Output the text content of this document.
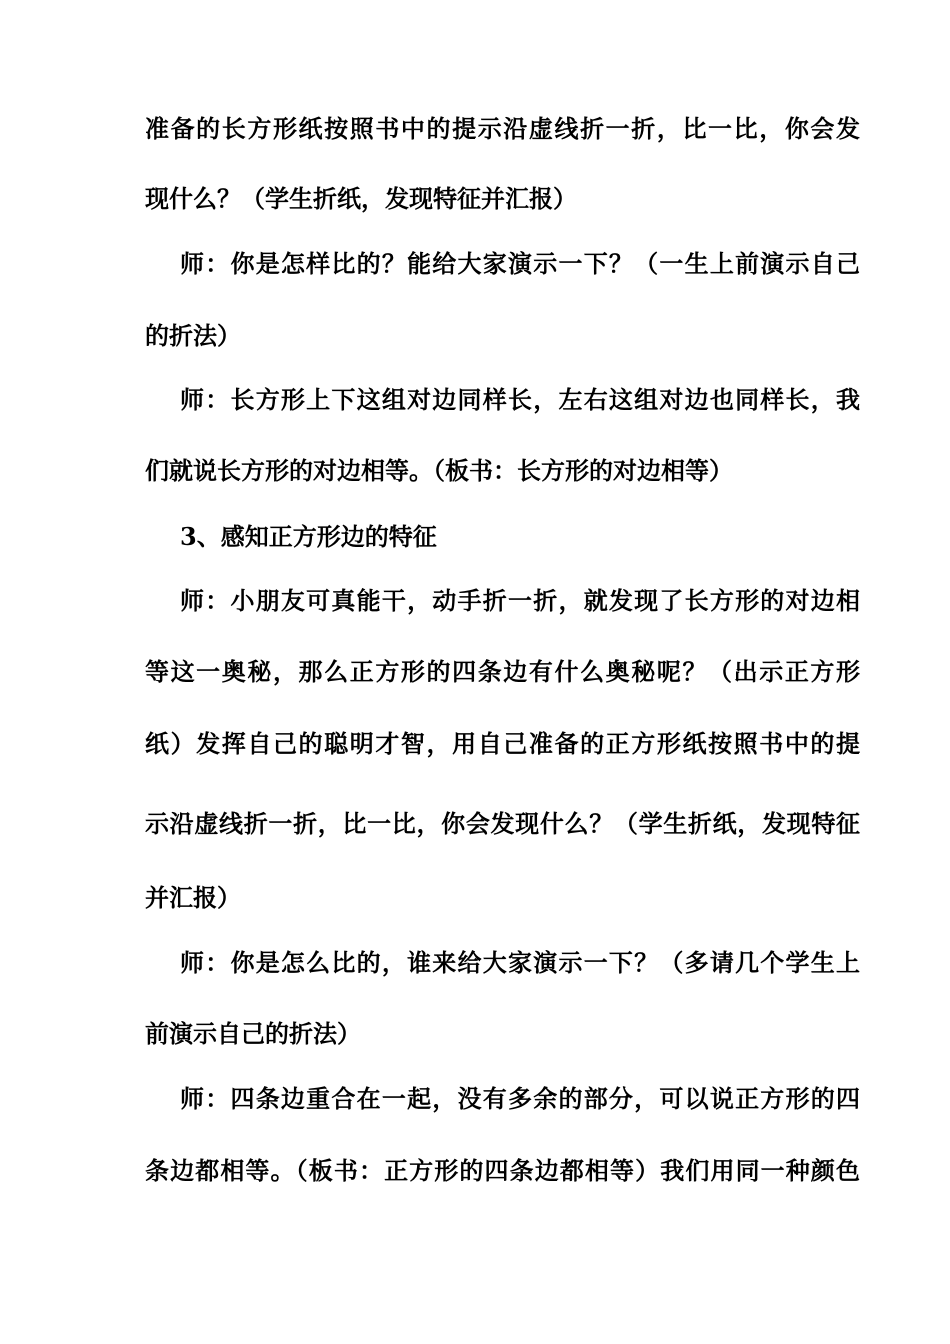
准备的长方形纸按照书中的提示沿虚线折一折，比一比，你会发
现什么？（学生折纸，发现特征并汇报）
师：你是怎样比的？能给大家演示一下？（一生上前演示自己
的折法）
师：长方形上下这组对边同样长，左右这组对边也同样长，我
们就说长方形的对边相等。（板书：长方形的对边相等）
3、感知正方形边的特征
师：小朋友可真能干，动手折一折，就发现了长方形的对边相
等这一奥秘，那么正方形的四条边有什么奥秘呢？（出示正方形
纸）发挥自己的聪明才智，用自己准备的正方形纸按照书中的提
示沿虚线折一折，比一比，你会发现什么？（学生折纸，发现特征
并汇报）
师：你是怎么比的，谁来给大家演示一下？（多请几个学生上
前演示自己的折法）
师：四条边重合在一起，没有多余的部分，可以说正方形的四
条边都相等。（板书：正方形的四条边都相等）我们用同一种颜色
